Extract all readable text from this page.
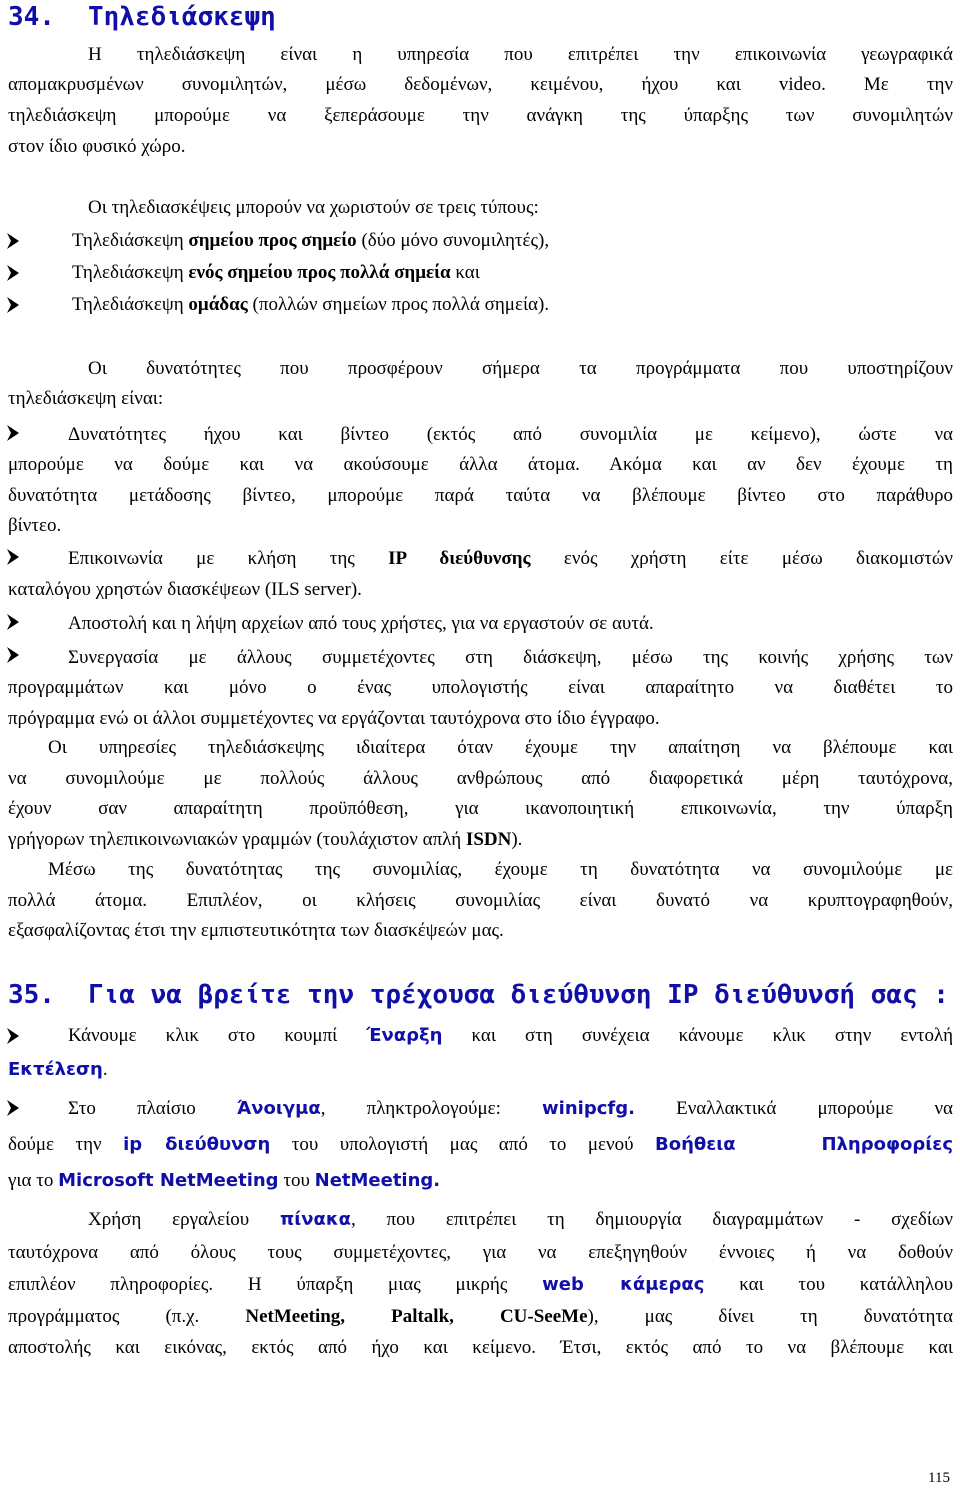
34. Τηλεδιάσκεψη

Η τηλεδιάσκεψη είναι η υπηρεσία που επιτρέπει την επικοινωνία γεωγραφικά

απομακρυσμένων συνομιλητών, μέσω δεδομένων, κειμένου, ήχου και video. Με την

τηλεδιάσκεψη μπορούμε να ξεπεράσουμε την ανάγκη της ύπαρξης των συνομιλητών

στον ίδιο φυσικό χώρο.

Οι τηλεδιασκέψεις μπορούν να χωριστούν σε τρεις τύπους:

Τηλεδιάσκεψη σημείου προς σημείο (δύο μόνο συνομιλητές),

Τηλεδιάσκεψη ενός σημείου προς πολλά σημεία και

Τηλεδιάσκεψη ομάδας (πολλών σημείων προς πολλά σημεία).

Οι δυνατότητες που προσφέρουν σήμερα τα προγράμματα που υποστηρίζουν

τηλεδιάσκεψη είναι:

Δυνατότητες ήχου και βίντεο (εκτός από συνομιλία με κείμενο), ώστε να

μπορούμε να δούμε και να ακούσουμε άλλα άτομα. Ακόμα και αν δεν έχουμε τη

δυνατότητα μετάδοσης βίντεο, μπορούμε παρά ταύτα να βλέπουμε βίντεο στο παράθυρο

βίντεο.

Επικοινωνία με κλήση της IP διεύθυνσης ενός χρήστη είτε μέσω διακομιστών

καταλόγου χρηστών διασκέψεων (ILS server).

Αποστολή και η λήψη αρχείων από τους χρήστες, για να εργαστούν σε αυτά.

Συνεργασία με άλλους συμμετέχοντες στη διάσκεψη, μέσω της κοινής χρήσης των

προγραμμάτων και μόνο ο ένας υπολογιστής είναι απαραίτητο να διαθέτει το

πρόγραμμα ενώ οι άλλοι συμμετέχοντες να εργάζονται ταυτόχρονα στο ίδιο έγγραφο.

Οι υπηρεσίες τηλεδιάσκεψης ιδιαίτερα όταν έχουμε την απαίτηση να βλέπουμε και

να συνομιλούμε με πολλούς άλλους ανθρώπους από διαφορετικά μέρη ταυτόχρονα,

έχουν σαν απαραίτητη προϋπόθεση, για ικανοποιητική επικοινωνία, την ύπαρξη

γρήγορων τηλεπικοινωνιακών γραμμών (τουλάχιστον απλή ISDN).

Μέσω της δυνατότητας της συνομιλίας, έχουμε τη δυνατότητα να συνομιλούμε με

πολλά άτομα. Επιπλέον, οι κλήσεις συνομιλίας είναι δυνατό να κρυπτογραφηθούν,

εξασφαλίζοντας έτσι την εμπιστευτικότητα των διασκέψεών μας.

35. Για να βρείτε την τρέχουσα διεύθυνση IP διεύθυνσή σας :

Κάνουμε κλικ στο κουμπί Έναρξη και στη συνέχεια κάνουμε κλικ στην εντολή

Εκτέλεση.

Στο πλαίσιο Άνοιγμα, πληκτρολογούμε: winipcfg. Εναλλακτικά μπορούμε να

δούμε την ip διεύθυνση του υπολογιστή μας από το μενού Βοήθεια	Πληροφορίες

για το Microsoft NetMeeting του NetMeeting.

Χρήση εργαλείου πίνακα, που επιτρέπει τη δημιουργία διαγραμμάτων - σχεδίων

ταυτόχρονα από όλους τους συμμετέχοντες, για να επεξηγηθούν έννοιες ή να δοθούν

επιπλέον πληροφορίες. Η ύπαρξη μιας μικρής web κάμερας και του κατάλληλου

προγράμματος (π.χ. NetMeeting, Paltalk, CU-SeeMe), μας δίνει τη δυνατότητα

αποστολής και εικόνας, εκτός από ήχο και κείμενο. Έτσι, εκτός από το να βλέπουμε και

115
